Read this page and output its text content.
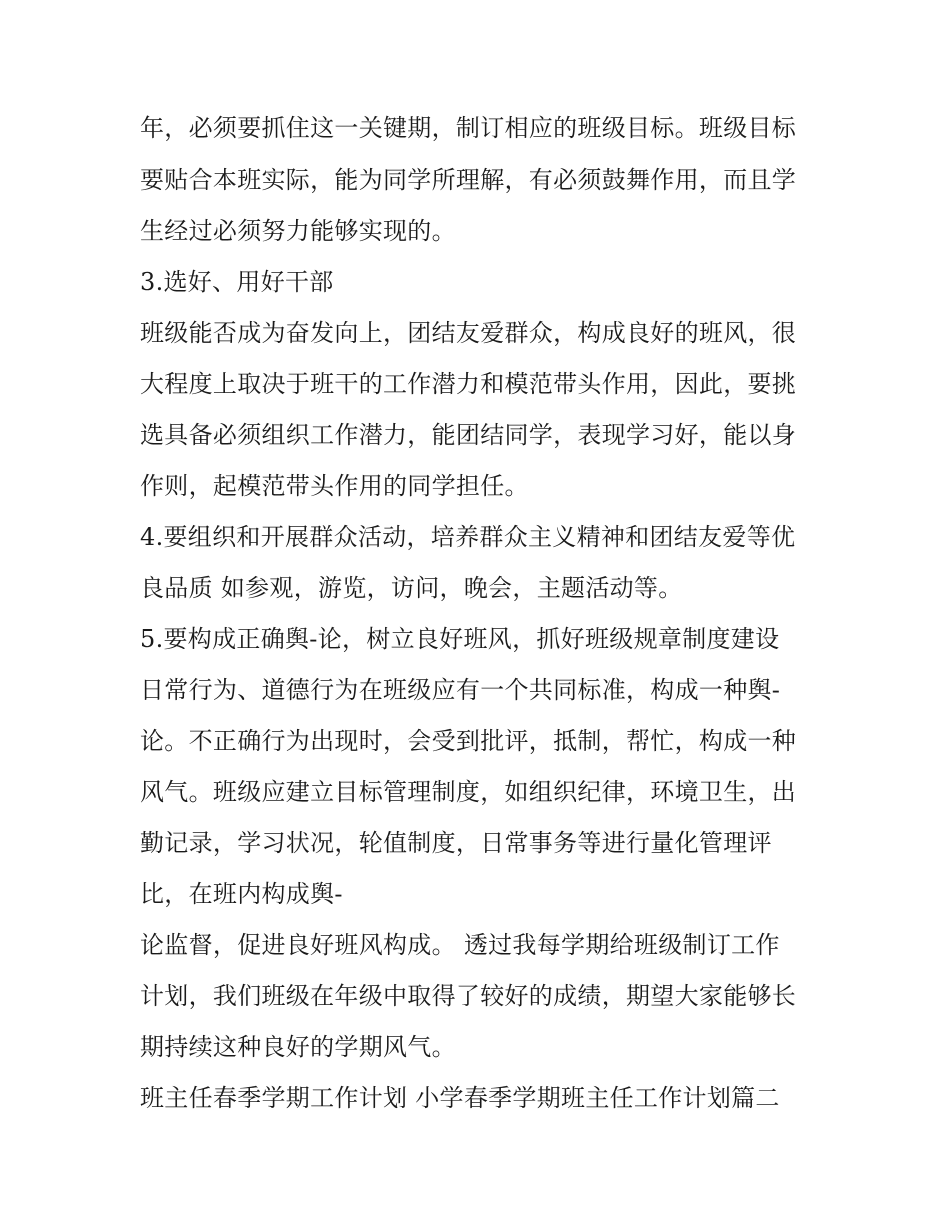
年，必须要抓住这一关键期，制订相应的班级目标。班级目标
要贴合本班实际，能为同学所理解，有必须鼓舞作用，而且学
生经过必须努力能够实现的。
3.选好、用好干部
班级能否成为奋发向上，团结友爱群众，构成良好的班风，很
大程度上取决于班干的工作潜力和模范带头作用，因此，要挑
选具备必须组织工作潜力，能团结同学，表现学习好，能以身
作则，起模范带头作用的同学担任。
4.要组织和开展群众活动，培养群众主义精神和团结友爱等优
良品质 如参观，游览，访问，晚会，主题活动等。
5.要构成正确舆-论，树立良好班风，抓好班级规章制度建设
日常行为、道德行为在班级应有一个共同标准，构成一种舆-
论。不正确行为出现时，会受到批评，抵制，帮忙，构成一种
风气。班级应建立目标管理制度，如组织纪律，环境卫生，出
勤记录，学习状况，轮值制度，日常事务等进行量化管理评
比，在班内构成舆-
论监督，促进良好班风构成。 透过我每学期给班级制订工作
计划，我们班级在年级中取得了较好的成绩，期望大家能够长
期持续这种良好的学期风气。
班主任春季学期工作计划 小学春季学期班主任工作计划篇二
